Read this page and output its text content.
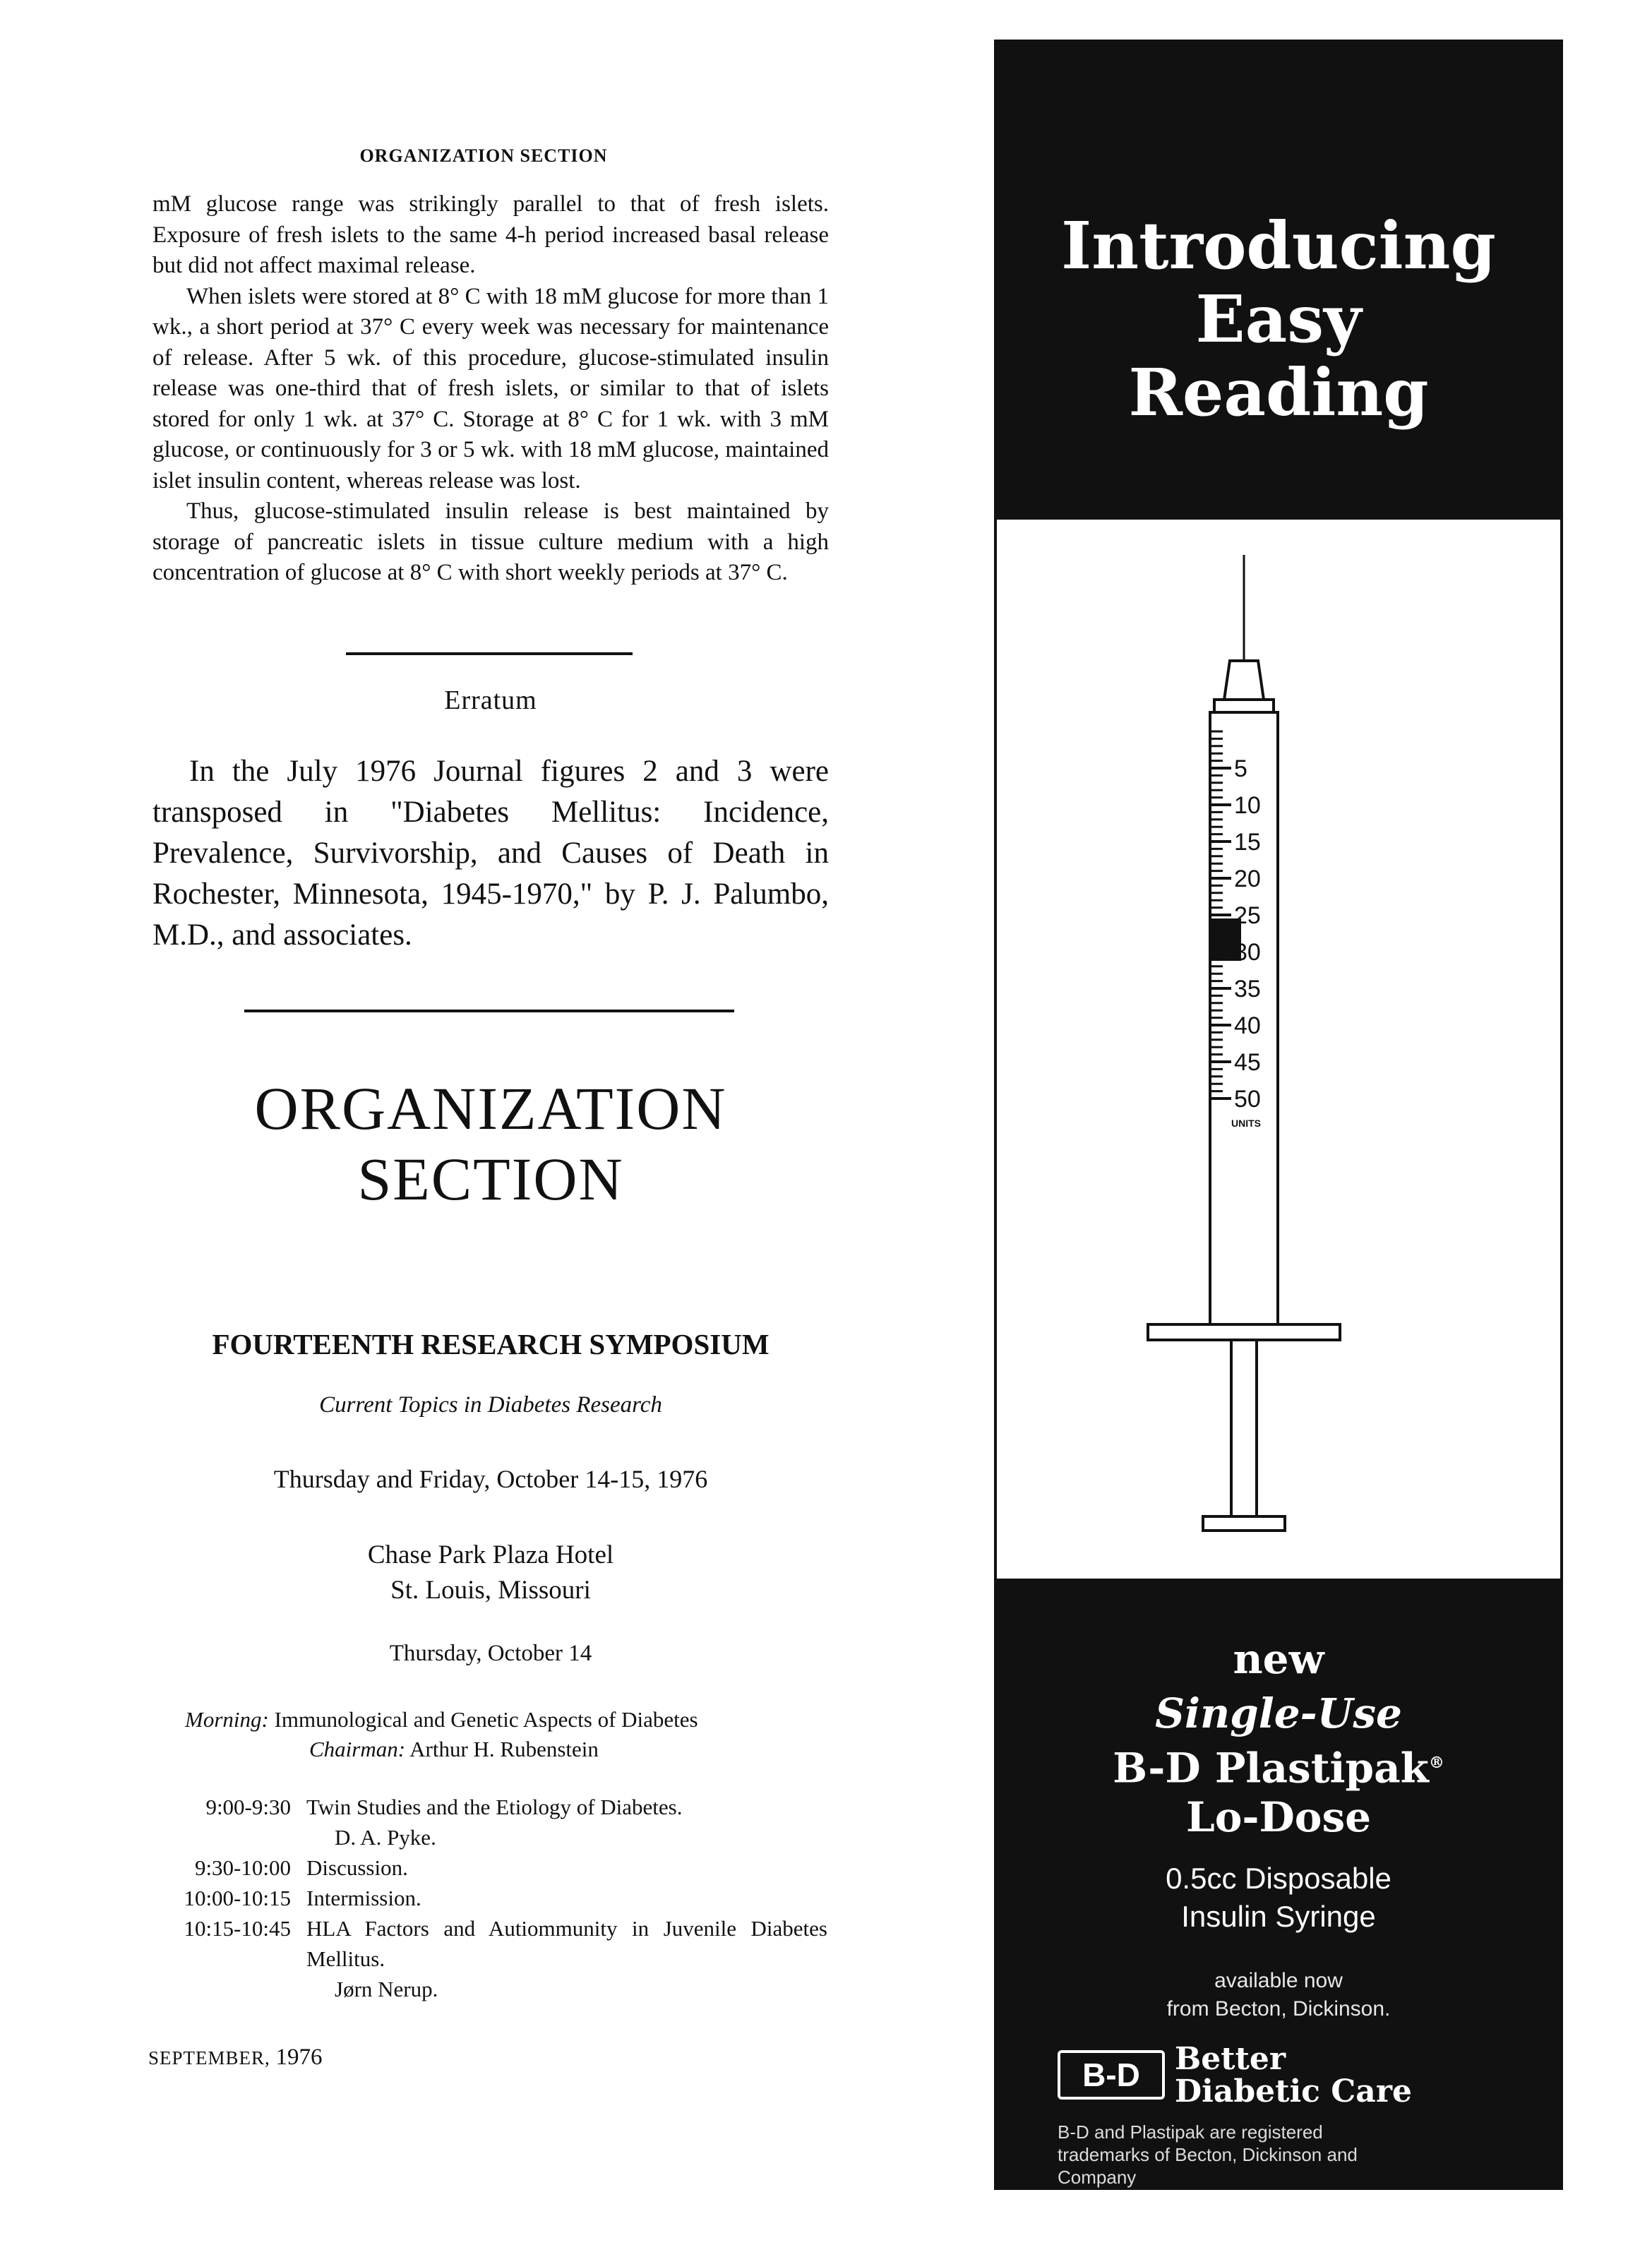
ORGANIZATION SECTION

mM glucose range was strikingly parallel to that of fresh islets. Exposure of fresh islets to the same 4-h period increased basal release but did not affect maximal release.

When islets were stored at 8° C with 18 mM glucose for more than 1 wk., a short period at 37° C every week was necessary for maintenance of release. After 5 wk. of this procedure, glucose-stimulated insulin release was one-third that of fresh islets, or similar to that of islets stored for only 1 wk. at 37° C. Storage at 8° C for 1 wk. with 3 mM glucose, or continuously for 3 or 5 wk. with 18 mM glucose, maintained islet insulin content, whereas release was lost.

Thus, glucose-stimulated insulin release is best maintained by storage of pancreatic islets in tissue culture medium with a high concentration of glucose at 8° C with short weekly periods at 37° C.

Erratum
In the July 1976 Journal figures 2 and 3 were transposed in "Diabetes Mellitus: Incidence, Prevalence, Survivorship, and Causes of Death in Rochester, Minnesota, 1945-1970," by P. J. Palumbo, M.D., and associates.
ORGANIZATION
SECTION
FOURTEENTH RESEARCH SYMPOSIUM
Current Topics in Diabetes Research
Thursday and Friday, October 14-15, 1976
Chase Park Plaza Hotel
St. Louis, Missouri
Thursday, October 14
Morning: Immunological and Genetic Aspects of Diabetes
Chairman: Arthur H. Rubenstein
9:00-9:30 Twin Studies and the Etiology of Diabetes.
D. A. Pyke.
9:30-10:00 Discussion.
10:00-10:15 Intermission.
10:15-10:45 HLA Factors and Autiommunity in Juvenile Diabetes Mellitus.
Jørn Nerup.
SEPTEMBER, 1976
Introducing
Easy
Reading
5
10
15
20
25
30
35
40
45
50
UNITS
new
Single-Use
B-D Plastipak®
Lo-Dose
0.5cc Disposable
Insulin Syringe
available now
from Becton, Dickinson.
B-D	Better
Diabetic Care
B-D and Plastipak are registered
trademarks of Becton, Dickinson and
Company
